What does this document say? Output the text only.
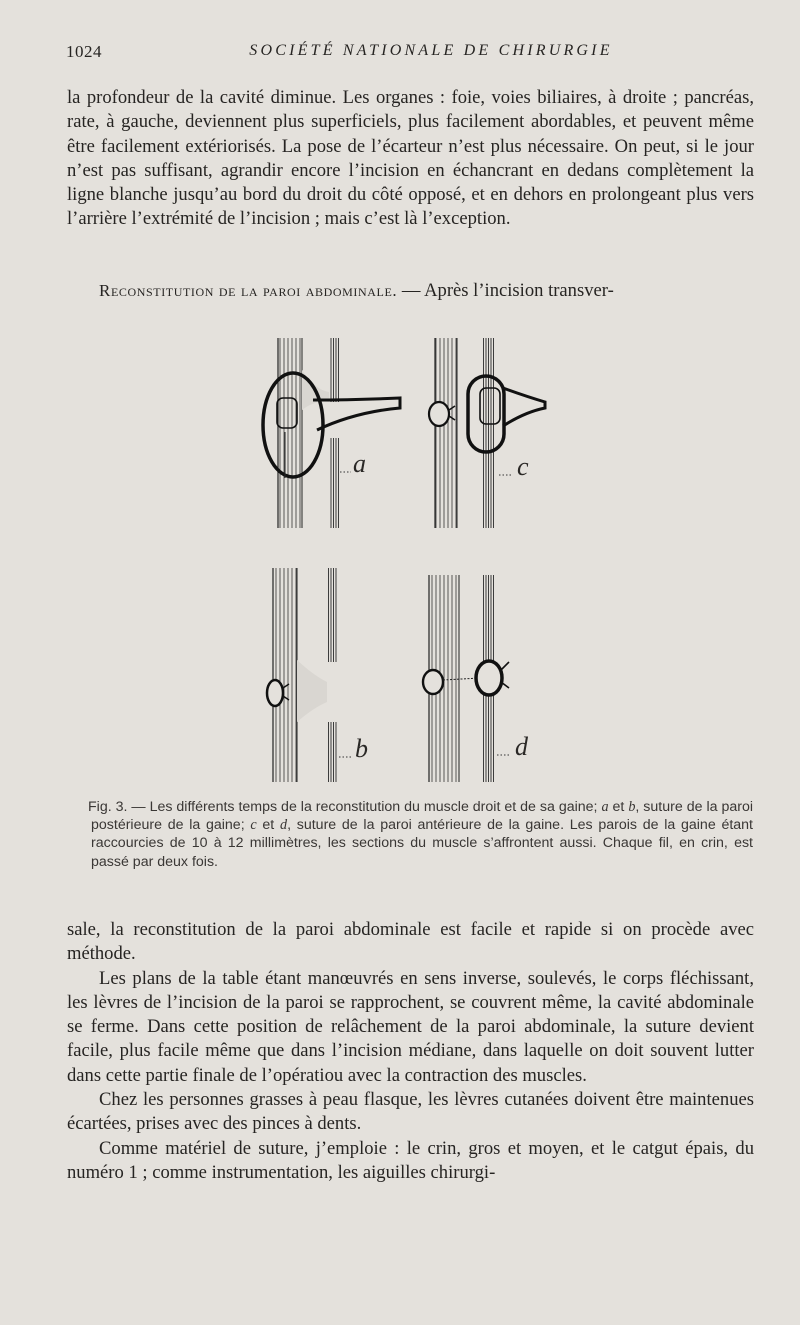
1024	SOCIÉTÉ NATIONALE DE CHIRURGIE

la profondeur de la cavité diminue. Les organes : foie, voies biliaires, à droite ; pancréas, rate, à gauche, deviennent plus superficiels, plus facilement abordables, et peuvent même être facilement extériorisés. La pose de l’écarteur n’est plus nécessaire. On peut, si le jour n’est pas suffisant, agrandir encore l’incision en échancrant en dedans complètement la ligne blanche jusqu’au bord du droit du côté opposé, et en dehors en prolongeant plus vers l’arrière l’extrémité de l’incision ; mais c’est là l’exception.

Reconstitution de la paroi abdominale. — Après l’incision transver-

a	c
b	d
Fig. 3. — Les différents temps de la reconstitution du muscle droit et de sa gaine; a et b, suture de la paroi postérieure de la gaine; c et d, suture de la paroi antérieure de la gaine. Les parois de la gaine étant raccourcies de 10 à 12 millimètres, les sections du muscle s’affrontent aussi. Chaque fil, en crin, est passé par deux fois.

sale, la reconstitution de la paroi abdominale est facile et rapide si on procède avec méthode.

Les plans de la table étant manœuvrés en sens inverse, soulevés, le corps fléchissant, les lèvres de l’incision de la paroi se rapprochent, se couvrent même, la cavité abdominale se ferme. Dans cette position de relâchement de la paroi abdominale, la suture devient facile, plus facile même que dans l’incision médiane, dans laquelle on doit souvent lutter dans cette partie finale de l’opératiou avec la contraction des muscles.

Chez les personnes grasses à peau flasque, les lèvres cutanées doivent être maintenues écartées, prises avec des pinces à dents.

Comme matériel de suture, j’emploie : le crin, gros et moyen, et le catgut épais, du numéro 1 ; comme instrumentation, les aiguilles chirurgi-
